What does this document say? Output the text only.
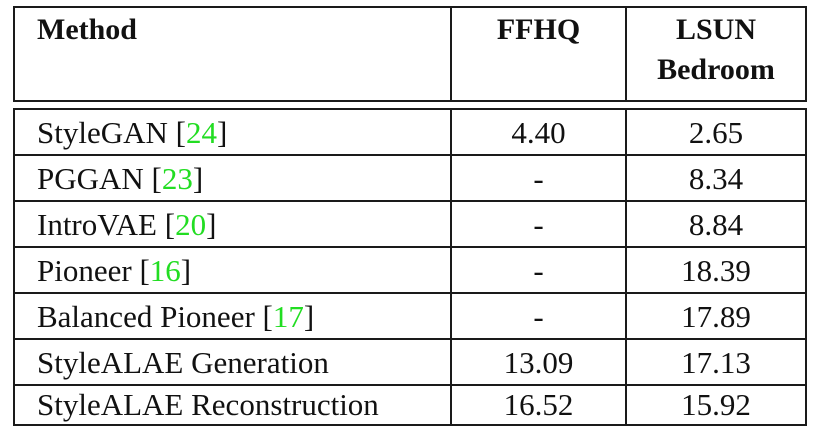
Method	FFHQ	LSUN
Bedroom
StyleGAN [24]	4.40	2.65
PGGAN [23]	-	8.34
IntroVAE [20]	-	8.84
Pioneer [16]	-	18.39
Balanced Pioneer [17]	-	17.89
StyleALAE Generation	13.09	17.13
StyleALAE Reconstruction	16.52	15.92
